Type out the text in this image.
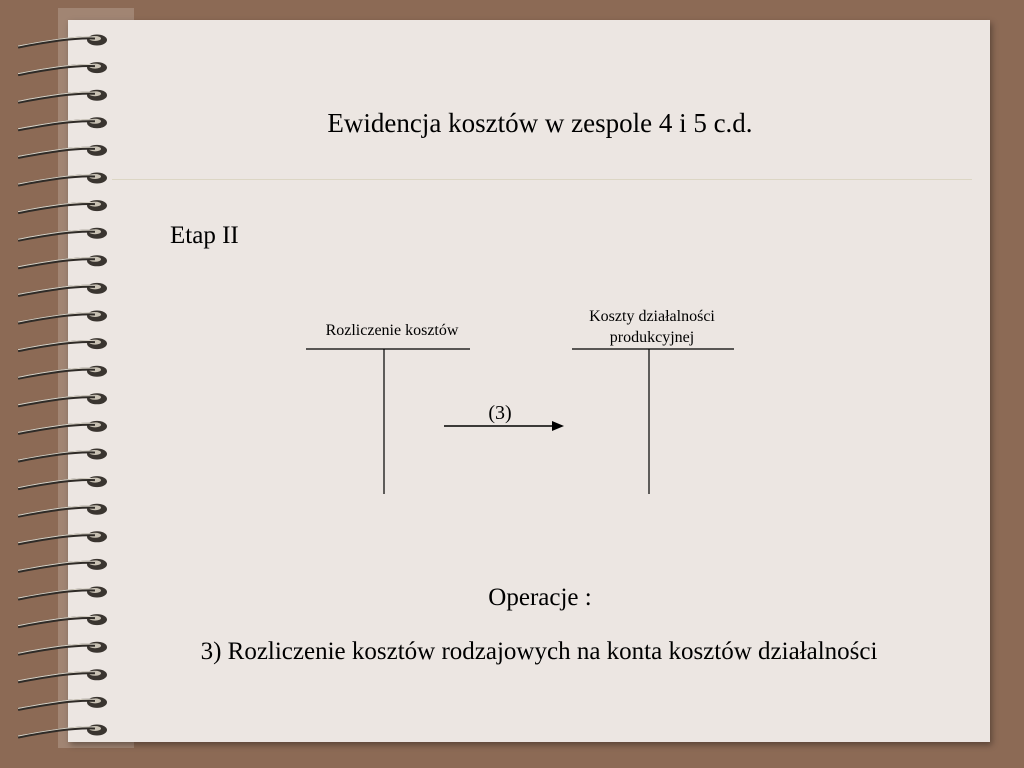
Ewidencja kosztów w zespole 4 i 5 c.d.
Etap II
Rozliczenie kosztów
Koszty działalności produkcyjnej
(3)
Operacje :
3) Rozliczenie kosztów rodzajowych na konta kosztów działalności
